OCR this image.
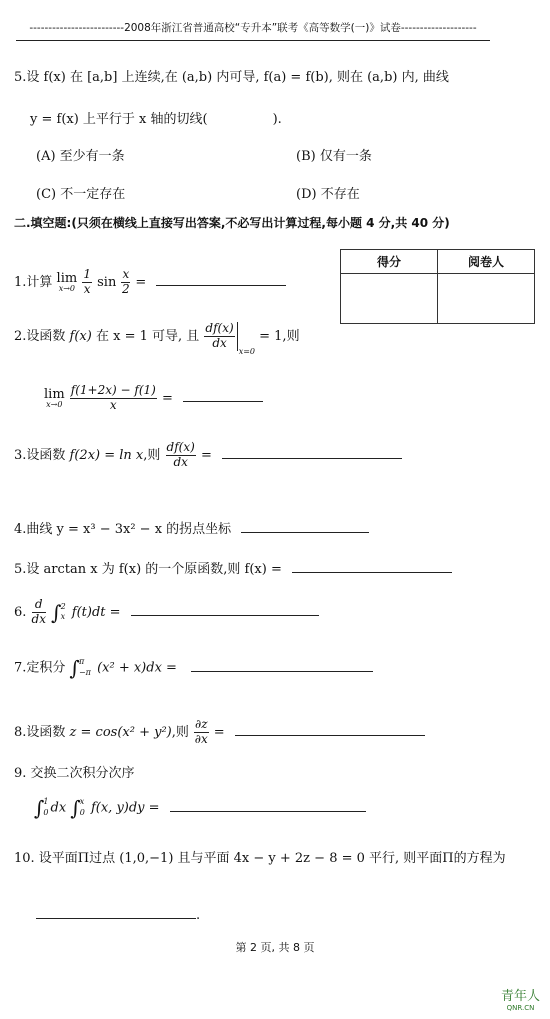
-------------------------2008年浙江省普通高校“专升本”联考《高等数学(一)》试卷--------------------
5.设 f(x) 在 [a,b] 上连续,在 (a,b) 内可导, f(a) = f(b), 则在 (a,b) 内, 曲线
y = f(x) 上平行于 x 轴的切线(　　　　　).
(A) 至少有一条	(B) 仅有一条
(C) 不一定存在	(D) 不存在
二.填空题:(只须在横线上直接写出答案,不必写出计算过程,每小题 4 分,共 40 分)
得分	阅卷人

1.计算 lim
x→0
$\frac{1}{x}$ $\sin \frac{x}{2}$ =
2.设函数 f(x) 在 x = 1 可导, 且 $\frac{df(x)}{dx}$
$_{x=0}$ = 1,则
lim
x→0
$\frac{f(1+2x) - f(1)}{x}$ =
3.设函数 f(2x) = ln x,则 $\frac{df(x)}{dx}$ =
4.曲线 y = x³ − 3x² − x 的拐点坐标
5.设 arctan x 为 f(x) 的一个原函数,则 f(x) =
6. $\frac{d}{dx}$ ∫ 2
x f(t)dt =
7.定积分 ∫ π
−π (x² + x)dx =
8.设函数 z = cos(x² + y²),则 $\frac{\partial z}{\partial x}$ =
9. 交换二次积分次序
∫ 1
0 dx ∫ x
0 f(x, y)dy =
10. 设平面Π过点 (1,0,−1) 且与平面 4x − y + 2z − 8 = 0 平行, 则平面Π的方程为
.
第 2 页, 共 8 页
青年人
QNR.CN
